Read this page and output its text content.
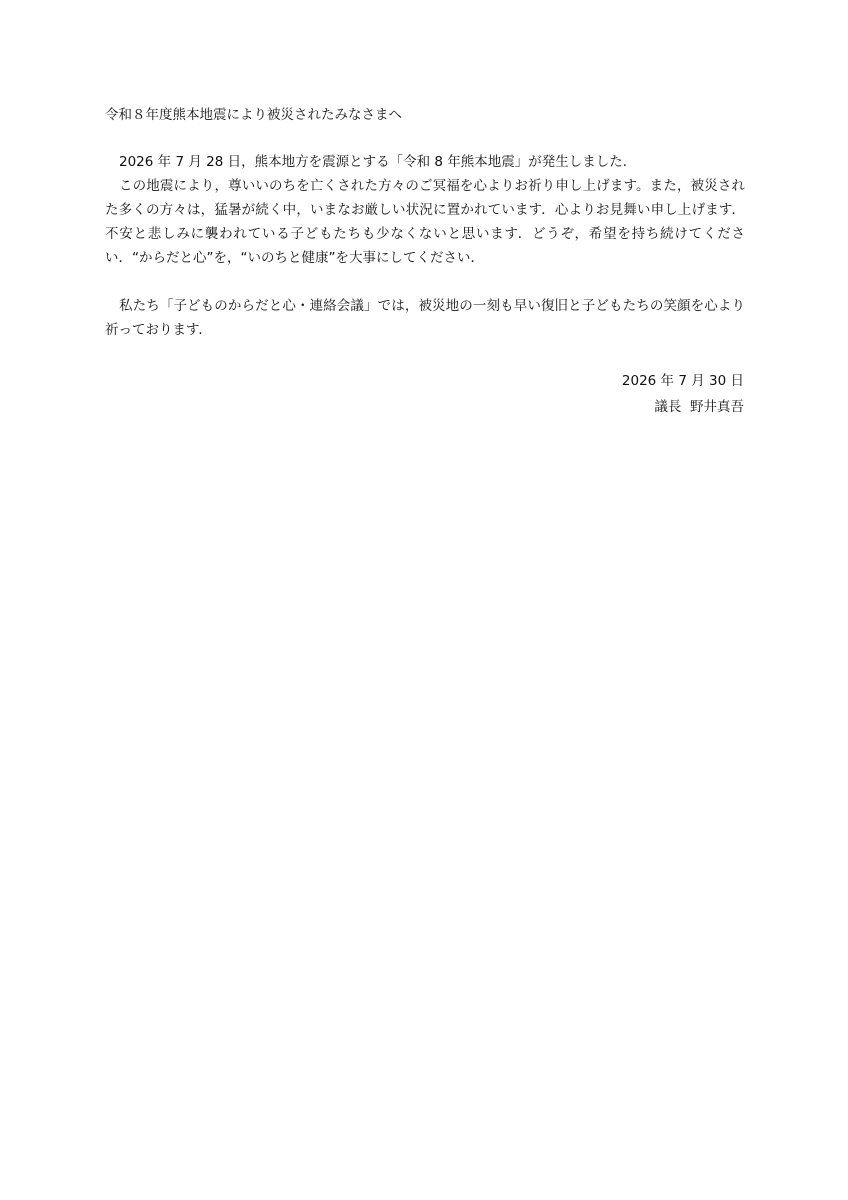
令和８年度熊本地震により被災されたみなさまへ

2026 年 7 月 28 日，熊本地方を震源とする「令和 8 年熊本地震」が発生しました．

この地震により，尊いいのちを亡くされた方々のご冥福を心よりお祈り申し上げます。また，被災された多くの方々は，猛暑が続く中，いまなお厳しい状況に置かれています．心よりお見舞い申し上げます．不安と悲しみに襲われている子どもたちも少なくないと思います．どうぞ，希望を持ち続けてください．“からだと心”を，“いのちと健康”を大事にしてください．

私たち「子どものからだと心・連絡会議」では，被災地の一刻も早い復旧と子どもたちの笑顔を心より祈っております．

2026 年 7 月 30 日
議長  野井真吾
